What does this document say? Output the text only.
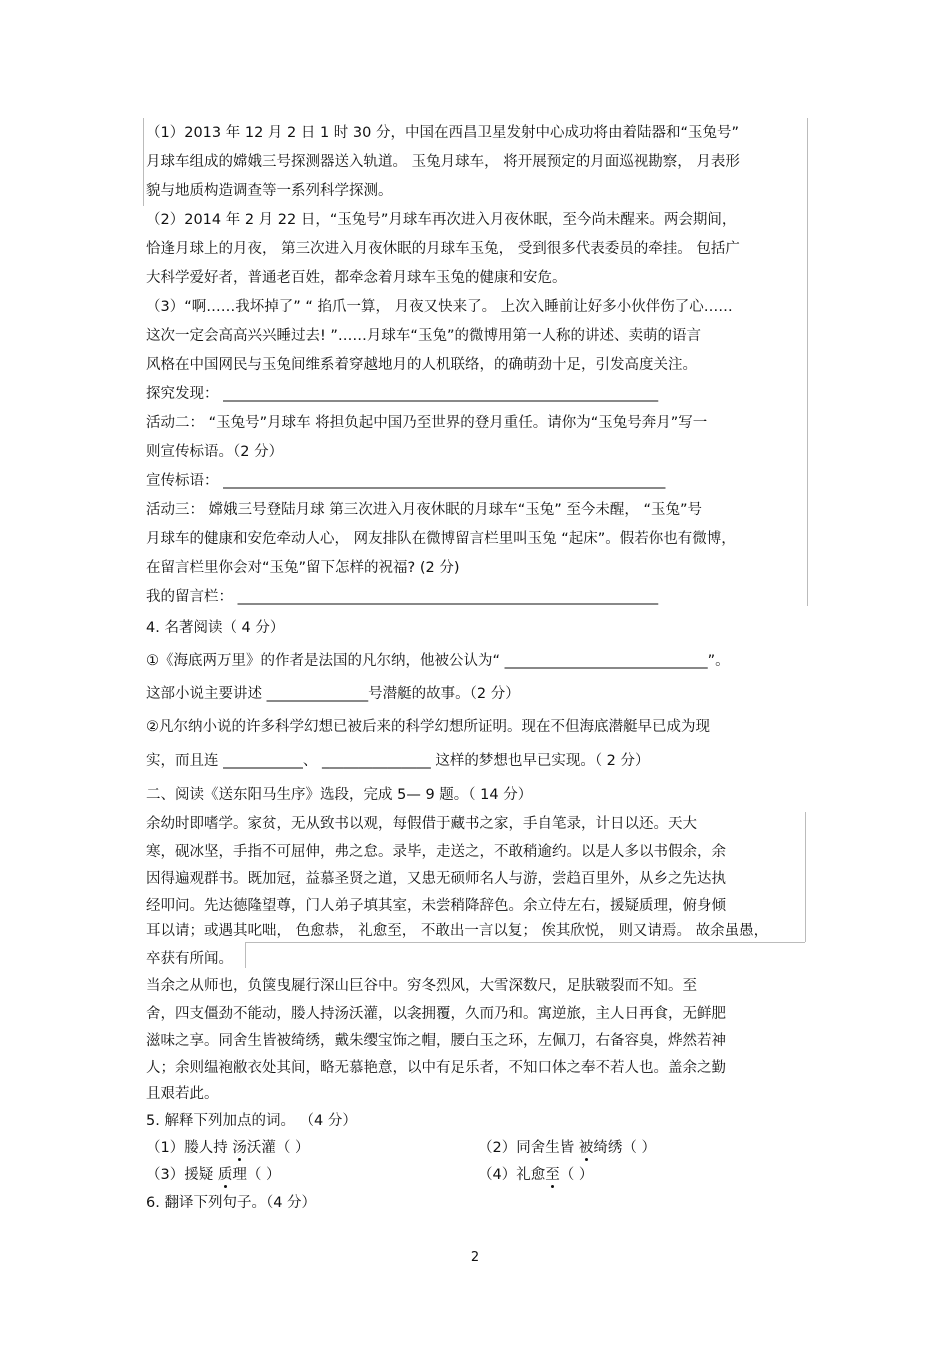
（1）2013 年 12 月 2 日 1 时 30 分，中国在西昌卫星发射中心成功将由着陆器和“玉兔号”
月球车组成的嫦娥三号探测器送入轨道。 玉兔月球车， 将开展预定的月面巡视勘察， 月表形
貌与地质构造调查等一系列科学探测。
（2）2014 年 2 月 22 日，“玉兔号”月球车再次进入月夜休眠，至今尚未醒来。两会期间，
恰逢月球上的月夜， 第三次进入月夜休眠的月球车玉兔， 受到很多代表委员的牵挂。 包括广
大科学爱好者，普通老百姓，都牵念着月球车玉兔的健康和安危。
（3）“啊……我坏掉了” “ 掐爪一算， 月夜又快来了。 上次入睡前让好多小伙伴伤了心……
这次一定会高高兴兴睡过去! ”……月球车“玉兔”的微博用第一人称的讲述、卖萌的语言
风格在中国网民与玉兔间维系着穿越地月的人机联络，的确萌劲十足，引发高度关注。
探究发现： ____________________________________________________________
活动二： “玉兔号”月球车 将担负起中国乃至世界的登月重任。请你为“玉兔号奔月”写一
则宣传标语。（2 分）
宣传标语： _____________________________________________________________
活动三： 嫦娥三号登陆月球 第三次进入月夜休眠的月球车“玉兔” 至今未醒， “玉兔”号
月球车的健康和安危牵动人心， 网友排队在微博留言栏里叫玉兔 “起床”。假若你也有微博，
在留言栏里你会对“玉兔”留下怎样的祝福? (2 分)
我的留言栏： __________________________________________________________
4. 名著阅读（ 4 分）
①《海底两万里》的作者是法国的凡尔纳，他被公认为“ ____________________________”。
这部小说主要讲述 ______________号潜艇的故事。（2 分）
②凡尔纳小说的许多科学幻想已被后来的科学幻想所证明。现在不但海底潜艇早已成为现
实，而且连 ___________、 _______________ 这样的梦想也早已实现。（ 2 分）
二、阅读《送东阳马生序》选段，完成 5— 9 题。（ 14 分）
余幼时即嗜学。家贫，无从致书以观，每假借于藏书之家，手自笔录，计日以还。天大
寒，砚冰坚，手指不可屈伸，弗之怠。录毕，走送之，不敢稍逾约。以是人多以书假余，余
因得遍观群书。既加冠，益慕圣贤之道，又患无硕师名人与游，尝趋百里外，从乡之先达执
经叩问。先达德隆望尊，门人弟子填其室，未尝稍降辞色。余立侍左右，援疑质理，俯身倾
耳以请；或遇其叱咄， 色愈恭， 礼愈至， 不敢出一言以复； 俟其欣悦， 则又请焉。 故余虽愚，
卒获有所闻。
当余之从师也，负箧曳屣行深山巨谷中。穷冬烈风，大雪深数尺，足肤皲裂而不知。至
舍，四支僵劲不能动，媵人持汤沃灌，以衾拥覆，久而乃和。寓逆旅，主人日再食，无鲜肥
滋味之享。同舍生皆被绮绣，戴朱缨宝饰之帽，腰白玉之环，左佩刀，右备容臭，烨然若神
人；余则缊袍敝衣处其间，略无慕艳意，以中有足乐者，不知口体之奉不若人也。盖余之勤
且艰若此。
5. 解释下列加点的词。 （4 分）
（1）媵人持 汤沃灌（ ）	（2）同舍生皆 被绮绣（ ）
（3）援疑 质理（ ）	（4）礼愈至（ ）
6. 翻译下列句子。（4 分）
2
